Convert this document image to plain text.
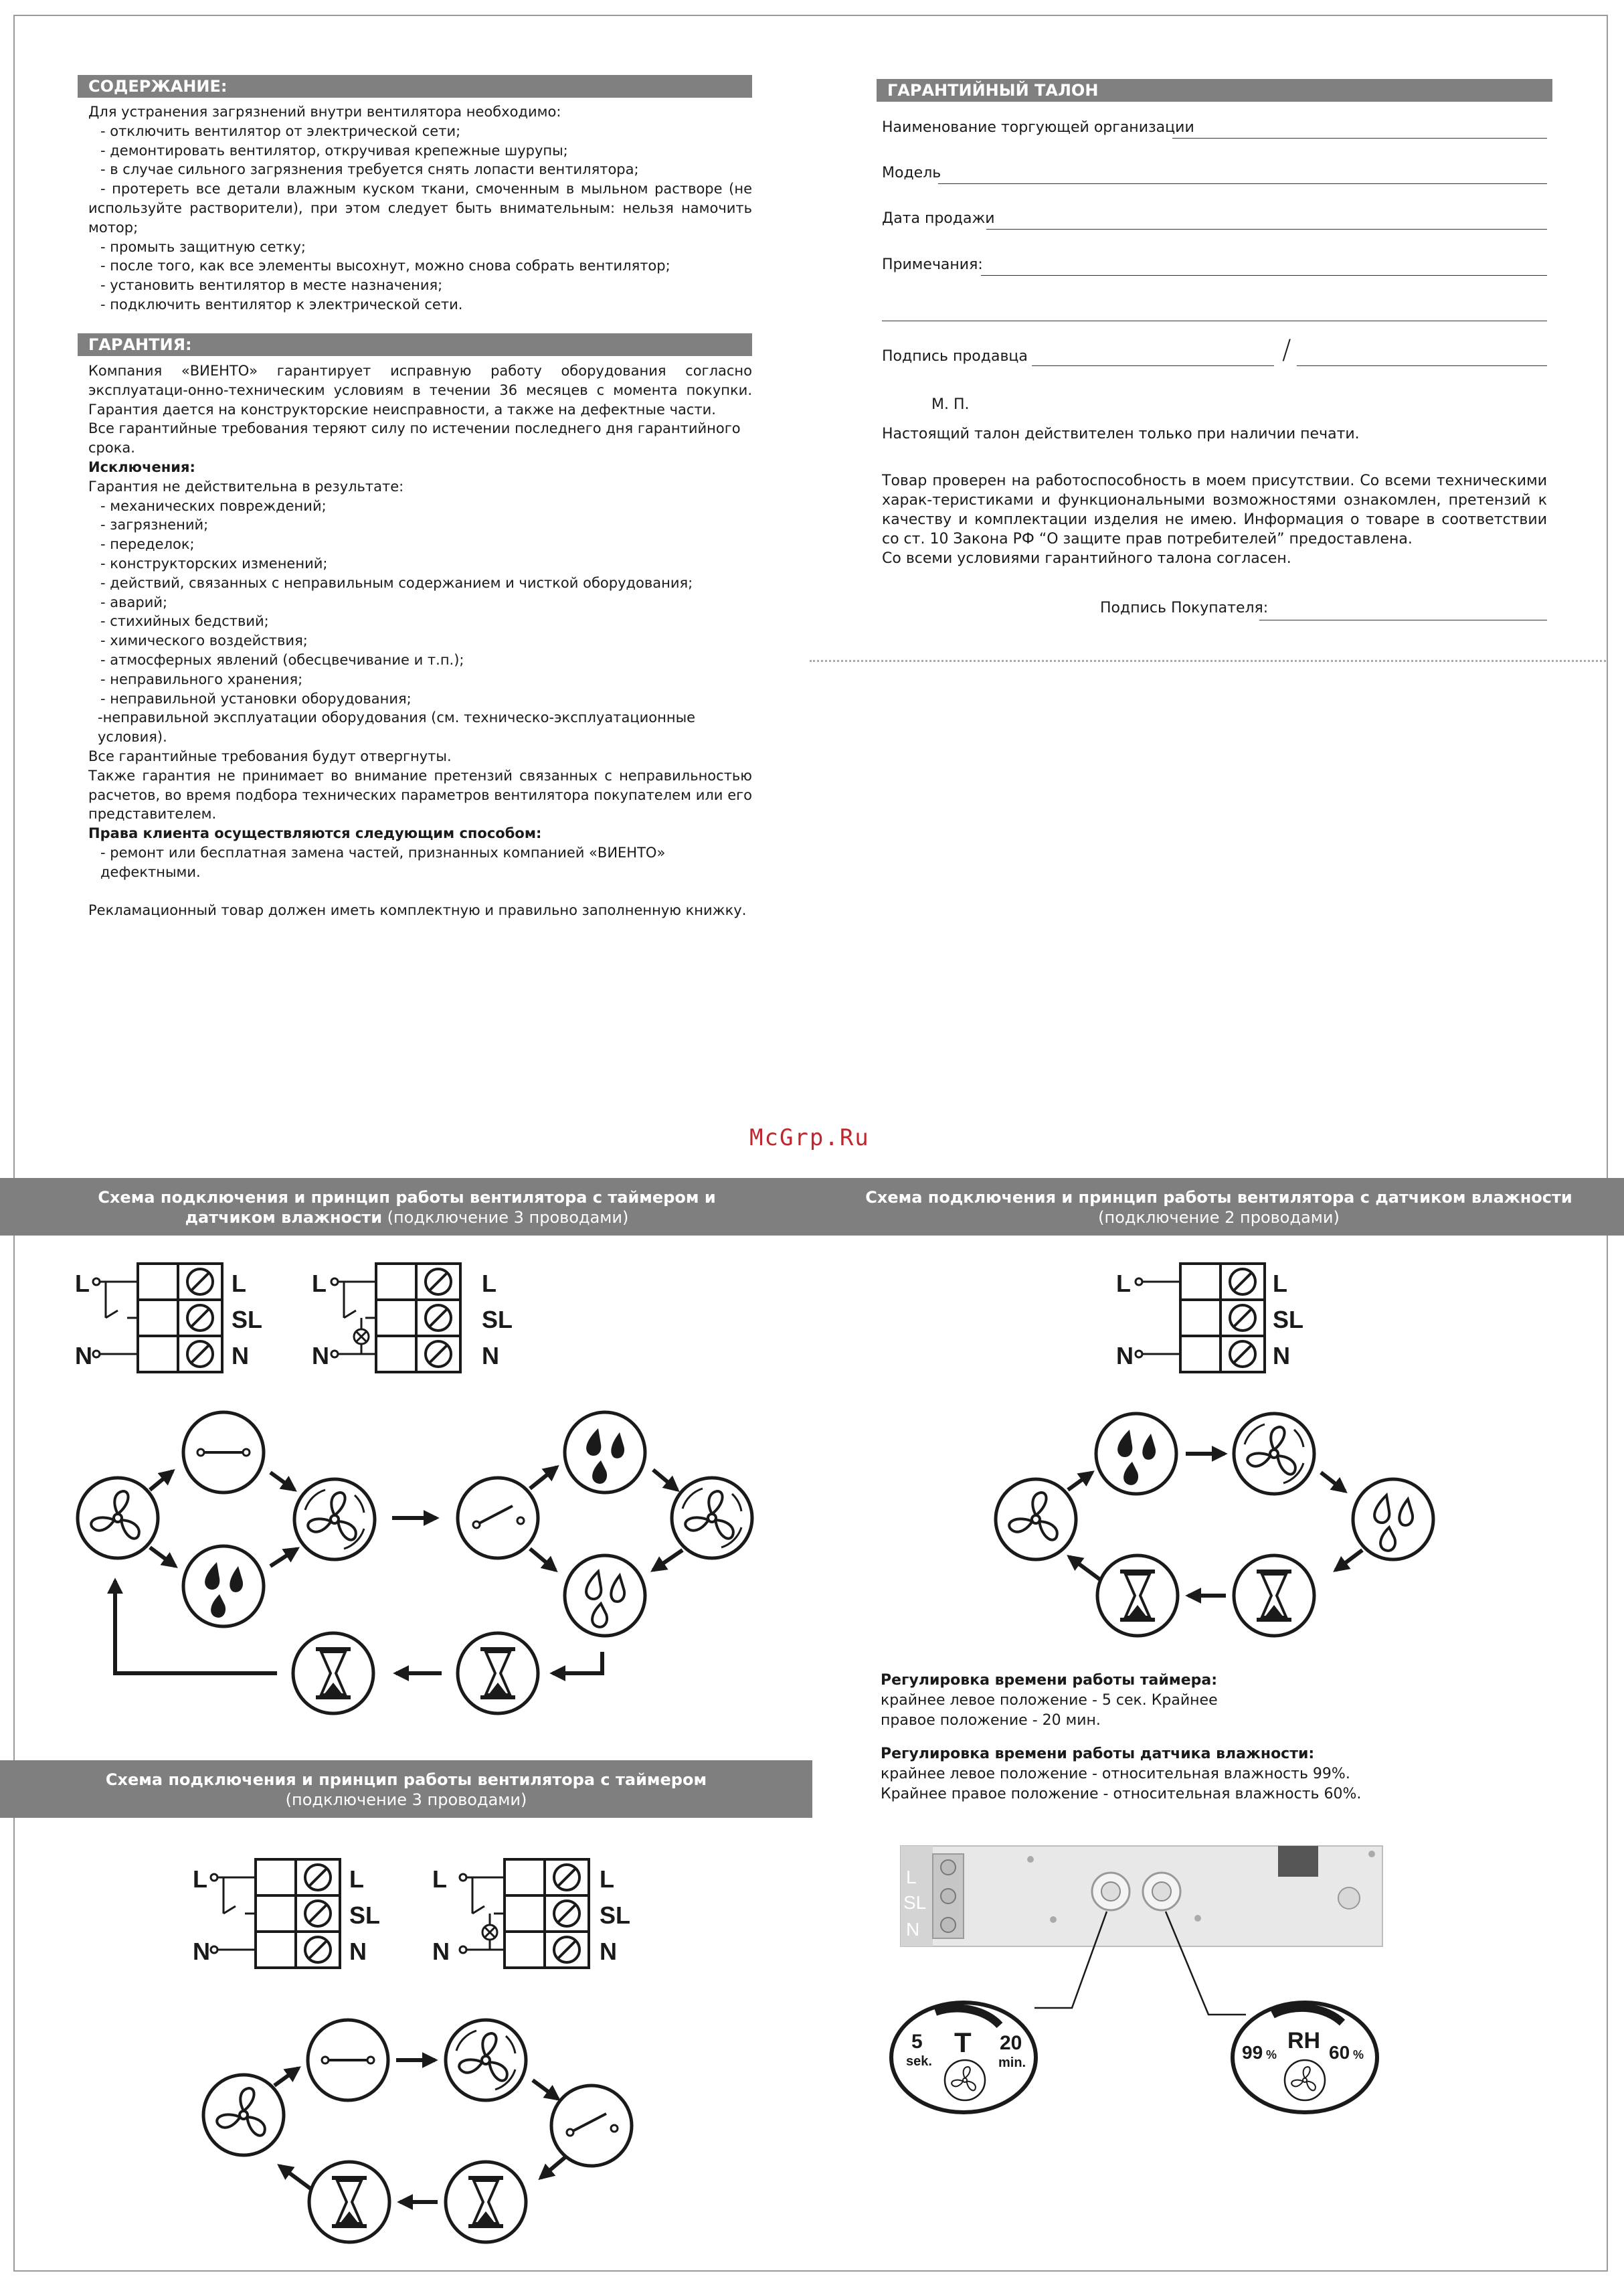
СОДЕРЖАНИЕ:

Для устранения загрязнений внутри вентилятора необходимо:

- отключить вентилятор от электрической сети;

- демонтировать вентилятор, откручивая крепежные шурупы;

- в случае сильного загрязнения требуется снять лопасти вентилятора;

- протереть все детали влажным куском ткани, смоченным в мыльном растворе (не используйте растворители), при этом следует быть внимательным: нельзя намочить мотор;

- промыть защитную сетку;

- после того, как все элементы высохнут, можно снова собрать вентилятор;

- установить вентилятор в месте назначения;

- подключить вентилятор к электрической сети.

ГАРАНТИЯ:

Компания «ВИЕНТО» гарантирует исправную работу оборудования согласно эксплуатаци-онно-техническим условиям в течении 36 месяцев с момента покупки. Гарантия дается на конструкторские неисправности, а также на дефектные части.

Все гарантийные требования теряют силу по истечении последнего дня гарантийного срока.

Исключения:

Гарантия не действительна в результате:

- механических повреждений;

- загрязнений;

- переделок;

- конструкторских изменений;

- действий, связанных с неправильным содержанием и чисткой оборудования;

- аварий;

- стихийных бедствий;

- химического воздействия;

- атмосферных явлений (обесцвечивание и т.п.);

- неправильного хранения;

- неправильной установки оборудования;

-неправильной эксплуатации оборудования (см. техническо-эксплуатационные условия).

Все гарантийные требования будут отвергнуты.

Также гарантия не принимает во внимание претензий связанных с неправильностью расчетов, во время подбора технических параметров вентилятора покупателем или его представителем.

Права клиента осуществляются следующим способом:

- ремонт или бесплатная замена частей, признанных компанией «ВИЕНТО» дефектными.

Рекламационный товар должен иметь комплектную и правильно заполненную книжку.

ГАРАНТИЙНЫЙ ТАЛОН
Наименование торгующей организации
Модель
Дата продажи
Примечания:
Подпись продавца	/
М. П.
Настоящий талон действителен только при наличии печати.
Товар проверен на работоспособность в моем присутствии. Со всеми техническими харак-теристиками и функциональными возможностями ознакомлен, претензий к качеству и комплектации изделия не имею. Информация о товаре в соответствии со ст. 10 Закона РФ “О защите прав потребителей” предоставлена.
Со всеми условиями гарантийного талона согласен.
Подпись Покупателя:
McGrp.Ru
Схема подключения и принцип работы вентилятора с таймером и датчиком влажности (подключение 3 проводами)
Схема подключения и принцип работы вентилятора с датчиком влажности
(подключение 2 проводами)
Схема подключения и принцип работы вентилятора с таймером
(подключение 3 проводами)

Регулировка времени работы таймера:

крайнее левое положение - 5 сек. Крайнее

правое положение - 20 мин.

Регулировка времени работы датчика влажности:

крайнее левое положение - относительная влажность 99%.

Крайнее правое положение - относительная влажность 60%.

L
N
L
SL
N
L
N
L
SL
N
L
N
L
SL
N
L
N
L
SL
N
L
N
L
SL
N
L
SL
N
T
5
sek.
20
min.
RH
99 %	60 %
